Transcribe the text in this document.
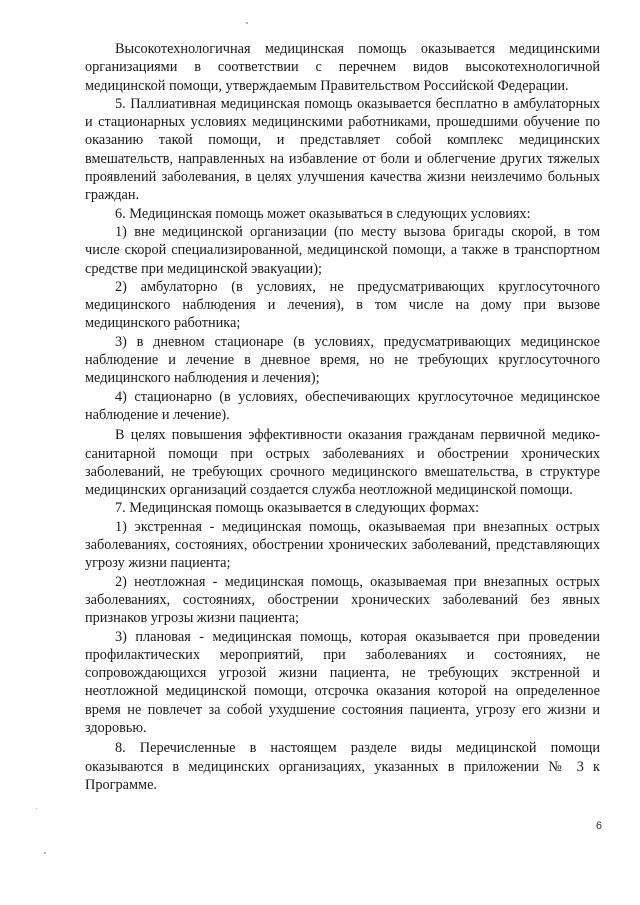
Высокотехнологичная медицинская помощь оказывается медицинскими организациями в соответствии с перечнем видов высокотехнологичной медицинской помощи, утверждаемым Правительством Российской Федерации.

5. Паллиативная медицинская помощь оказывается бесплатно в амбулаторных и стационарных условиях медицинскими работниками, прошедшими обучение по оказанию такой помощи, и представляет собой комплекс медицинских вмешательств, направленных на избавление от боли и облегчение других тяжелых проявлений заболевания, в целях улучшения качества жизни неизлечимо больных граждан.

6. Медицинская помощь может оказываться в следующих условиях:

1) вне медицинской организации (по месту вызова бригады скорой, в том числе скорой специализированной, медицинской помощи, а также в транспортном средстве при медицинской эвакуации);

2) амбулаторно (в условиях, не предусматривающих круглосуточного медицинского наблюдения и лечения), в том числе на дому при вызове медицинского работника;

3) в дневном стационаре (в условиях, предусматривающих медицинское наблюдение и лечение в дневное время, но не требующих круглосуточного медицинского наблюдения и лечения);

4) стационарно (в условиях, обеспечивающих круглосуточное медицинское наблюдение и лечение).

В целях повышения эффективности оказания гражданам первичной медико-санитарной помощи при острых заболеваниях и обострении хронических заболеваний, не требующих срочного медицинского вмешательства, в структуре медицинских организаций создается служба неотложной медицинской помощи.

7. Медицинская помощь оказывается в следующих формах:

1) экстренная - медицинская помощь, оказываемая при внезапных острых заболеваниях, состояниях, обострении хронических заболеваний, представляющих угрозу жизни пациента;

2) неотложная - медицинская помощь, оказываемая при внезапных острых заболеваниях, состояниях, обострении хронических заболеваний без явных признаков угрозы жизни пациента;

3) плановая - медицинская помощь, которая оказывается при проведении профилактических мероприятий, при заболеваниях и состояниях, не сопровождающихся угрозой жизни пациента, не требующих экстренной и неотложной медицинской помощи, отсрочка оказания которой на определенное время не повлечет за собой ухудшение состояния пациента, угрозу его жизни и здоровью.

8. Перечисленные в настоящем разделе виды медицинской помощи оказываются в медицинских организациях, указанных в приложении № 3 к Программе.

6
